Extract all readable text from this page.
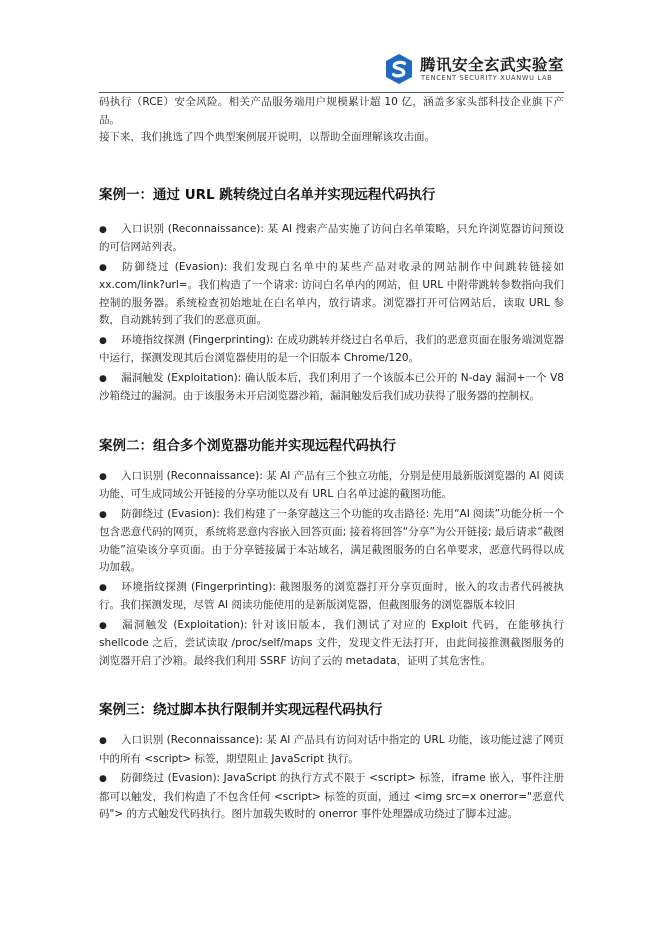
腾讯安全玄武实验室
TENCENT SECURITY XUANWU LAB

码执行（RCE）安全风险。相关产品服务端用户规模累计超 10 亿，涵盖多家头部科技企业旗下产品。

接下来，我们挑选了四个典型案例展开说明，以帮助全面理解该攻击面。

案例一：通过 URL 跳转绕过白名单并实现远程代码执行

● 入口识别 (Reconnaissance): 某 AI 搜索产品实施了访问白名单策略，只允许浏览器访问预设的可信网站列表。

● 防御绕过 (Evasion): 我们发现白名单中的某些产品对收录的网站制作中间跳转链接如 xx.com/link?url=。我们构造了一个请求: 访问白名单内的网站，但 URL 中附带跳转参数指向我们控制的服务器。系统检查初始地址在白名单内，放行请求。浏览器打开可信网站后，读取 URL 参数，自动跳转到了我们的恶意页面。

● 环境指纹探测 (Fingerprinting): 在成功跳转并绕过白名单后，我们的恶意页面在服务端浏览器中运行，探测发现其后台浏览器使用的是一个旧版本 Chrome/120。

● 漏洞触发 (Exploitation): 确认版本后，我们利用了一个该版本已公开的 N-day 漏洞+一个 V8 沙箱绕过的漏洞。由于该服务未开启浏览器沙箱，漏洞触发后我们成功获得了服务器的控制权。

案例二：组合多个浏览器功能并实现远程代码执行

● 入口识别 (Reconnaissance): 某 AI 产品有三个独立功能，分别是使用最新版浏览器的 AI 阅读功能、可生成同域公开链接的分享功能以及有 URL 白名单过滤的截图功能。

● 防御绕过 (Evasion): 我们构建了一条穿越这三个功能的攻击路径: 先用“AI 阅读”功能分析一个包含恶意代码的网页，系统将恶意内容嵌入回答页面; 接着将回答“分享”为公开链接; 最后请求“截图功能”渲染该分享页面。由于分享链接属于本站域名，满足截图服务的白名单要求，恶意代码得以成功加载。

● 环境指纹探测 (Fingerprinting): 截图服务的浏览器打开分享页面时，嵌入的攻击者代码被执行。我们探测发现，尽管 AI 阅读功能使用的是新版浏览器，但截图服务的浏览器版本较旧

● 漏洞触发 (Exploitation): 针对该旧版本，我们测试了对应的 Exploit 代码，在能够执行 shellcode 之后，尝试读取 /proc/self/maps 文件，发现文件无法打开，由此间接推测截图服务的浏览器开启了沙箱。最终我们利用 SSRF 访问了云的 metadata，证明了其危害性。

案例三：绕过脚本执行限制并实现远程代码执行

● 入口识别 (Reconnaissance): 某 AI 产品具有访问对话中指定的 URL 功能，该功能过滤了网页中的所有 <script> 标签，期望阻止 JavaScript 执行。

● 防御绕过 (Evasion): JavaScript 的执行方式不限于 <script> 标签，iframe 嵌入，事件注册都可以触发，我们构造了不包含任何 <script> 标签的页面，通过 <img src=x onerror="恶意代码"> 的方式触发代码执行。图片加载失败时的 onerror 事件处理器成功绕过了脚本过滤。
